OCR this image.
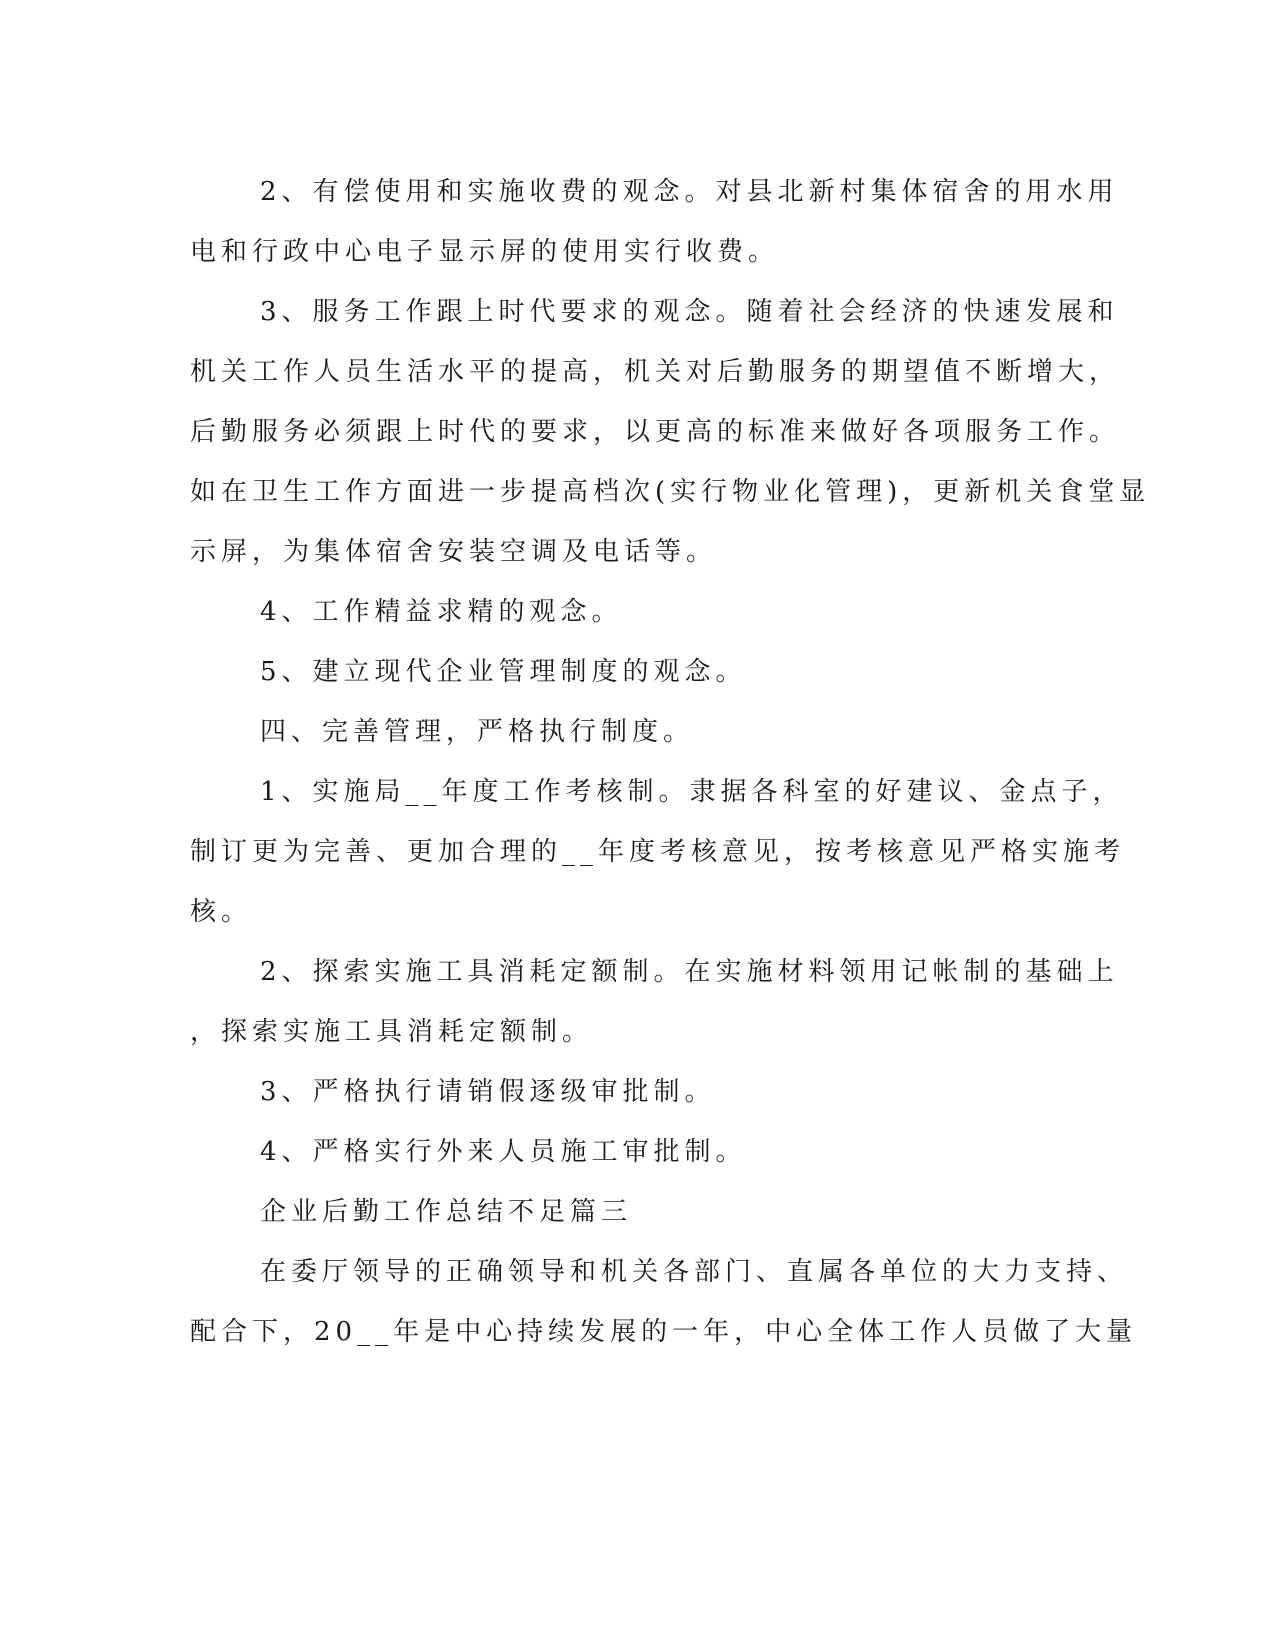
2、有偿使用和实施收费的观念。对县北新村集体宿舍的用水用
电和行政中心电子显示屏的使用实行收费。
3、服务工作跟上时代要求的观念。随着社会经济的快速发展和
机关工作人员生活水平的提高，机关对后勤服务的期望值不断增大，
后勤服务必须跟上时代的要求，以更高的标准来做好各项服务工作。
如在卫生工作方面进一步提高档次(实行物业化管理)，更新机关食堂显
示屏，为集体宿舍安装空调及电话等。
4、工作精益求精的观念。
5、建立现代企业管理制度的观念。
四、完善管理，严格执行制度。
1、实施局__年度工作考核制。隶据各科室的好建议、金点子，
制订更为完善、更加合理的__年度考核意见，按考核意见严格实施考
核。
2、探索实施工具消耗定额制。在实施材料领用记帐制的基础上
，探索实施工具消耗定额制。
3、严格执行请销假逐级审批制。
4、严格实行外来人员施工审批制。
企业后勤工作总结不足篇三
在委厅领导的正确领导和机关各部门、直属各单位的大力支持、
配合下，20__年是中心持续发展的一年，中心全体工作人员做了大量
